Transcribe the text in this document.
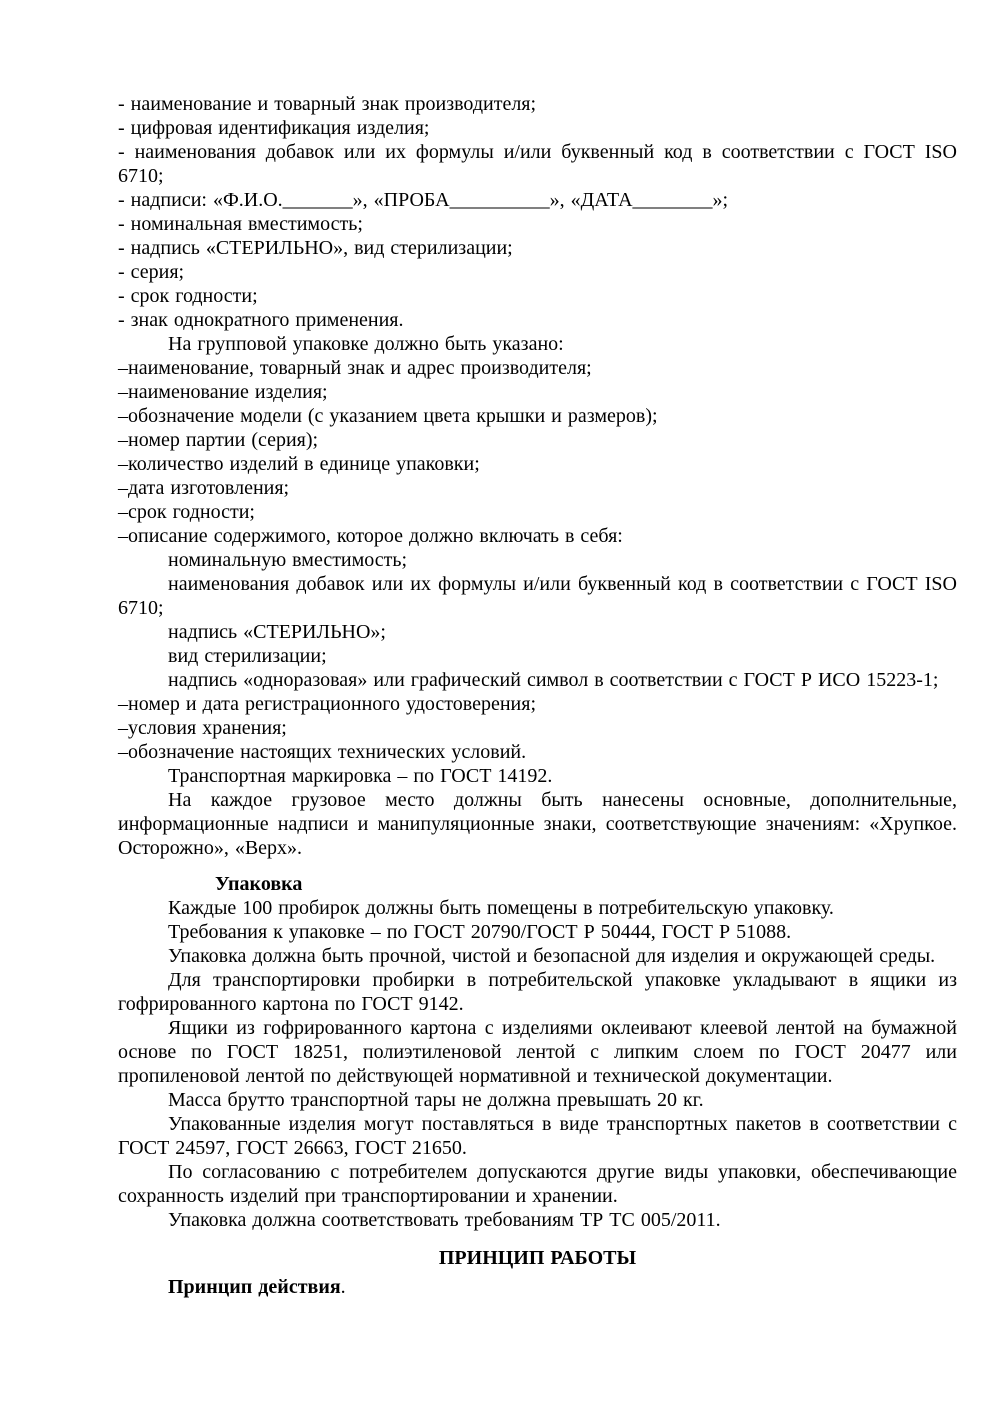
- наименование и товарный знак производителя;

- цифровая идентификация изделия;

- наименования добавок или их формулы и/или буквенный код в соответствии с ГОСТ ISO 6710;

- надписи: «Ф.И.О._______», «ПРОБА__________», «ДАТА________»;

- номинальная вместимость;

- надпись «СТЕРИЛЬНО», вид стерилизации;

- серия;

- срок годности;

- знак однократного применения.

На групповой упаковке должно быть указано:

–наименование, товарный знак и адрес производителя;

–наименование изделия;

–обозначение модели (с указанием цвета крышки и размеров);

–номер партии (серия);

–количество изделий в единице упаковки;

–дата изготовления;

–срок годности;

–описание содержимого, которое должно включать в себя:

номинальную вместимость;

наименования добавок или их формулы и/или буквенный код в соответствии с ГОСТ ISO 6710;

надпись «СТЕРИЛЬНО»;

вид стерилизации;

надпись «одноразовая» или графический символ в соответствии с ГОСТ Р ИСО 15223-1;

–номер и дата регистрационного удостоверения;

–условия хранения;

–обозначение настоящих технических условий.

Транспортная маркировка – по ГОСТ 14192.

На каждое грузовое место должны быть нанесены основные, дополнительные, информационные надписи и манипуляционные знаки, соответствующие значениям: «Хрупкое. Осторожно», «Верх».

Упаковка

Каждые 100 пробирок должны быть помещены в потребительскую упаковку.

Требования к упаковке – по ГОСТ 20790/ГОСТ Р 50444, ГОСТ Р 51088.

Упаковка должна быть прочной, чистой и безопасной для изделия и окружающей среды.

Для транспортировки пробирки в потребительской упаковке укладывают в ящики из гофрированного картона по ГОСТ 9142.

Ящики из гофрированного картона с изделиями оклеивают клеевой лентой на бумажной основе по ГОСТ 18251, полиэтиленовой лентой с липким слоем по ГОСТ 20477 или пропиленовой лентой по действующей нормативной и технической документации.

Масса брутто транспортной тары не должна превышать 20 кг.

Упакованные изделия могут поставляться в виде транспортных пакетов в соответствии с ГОСТ 24597, ГОСТ 26663, ГОСТ 21650.

По согласованию с потребителем допускаются другие виды упаковки, обеспечивающие сохранность изделий при транспортировании и хранении.

Упаковка должна соответствовать требованиям ТР ТС 005/2011.

ПРИНЦИП РАБОТЫ

Принцип действия.
